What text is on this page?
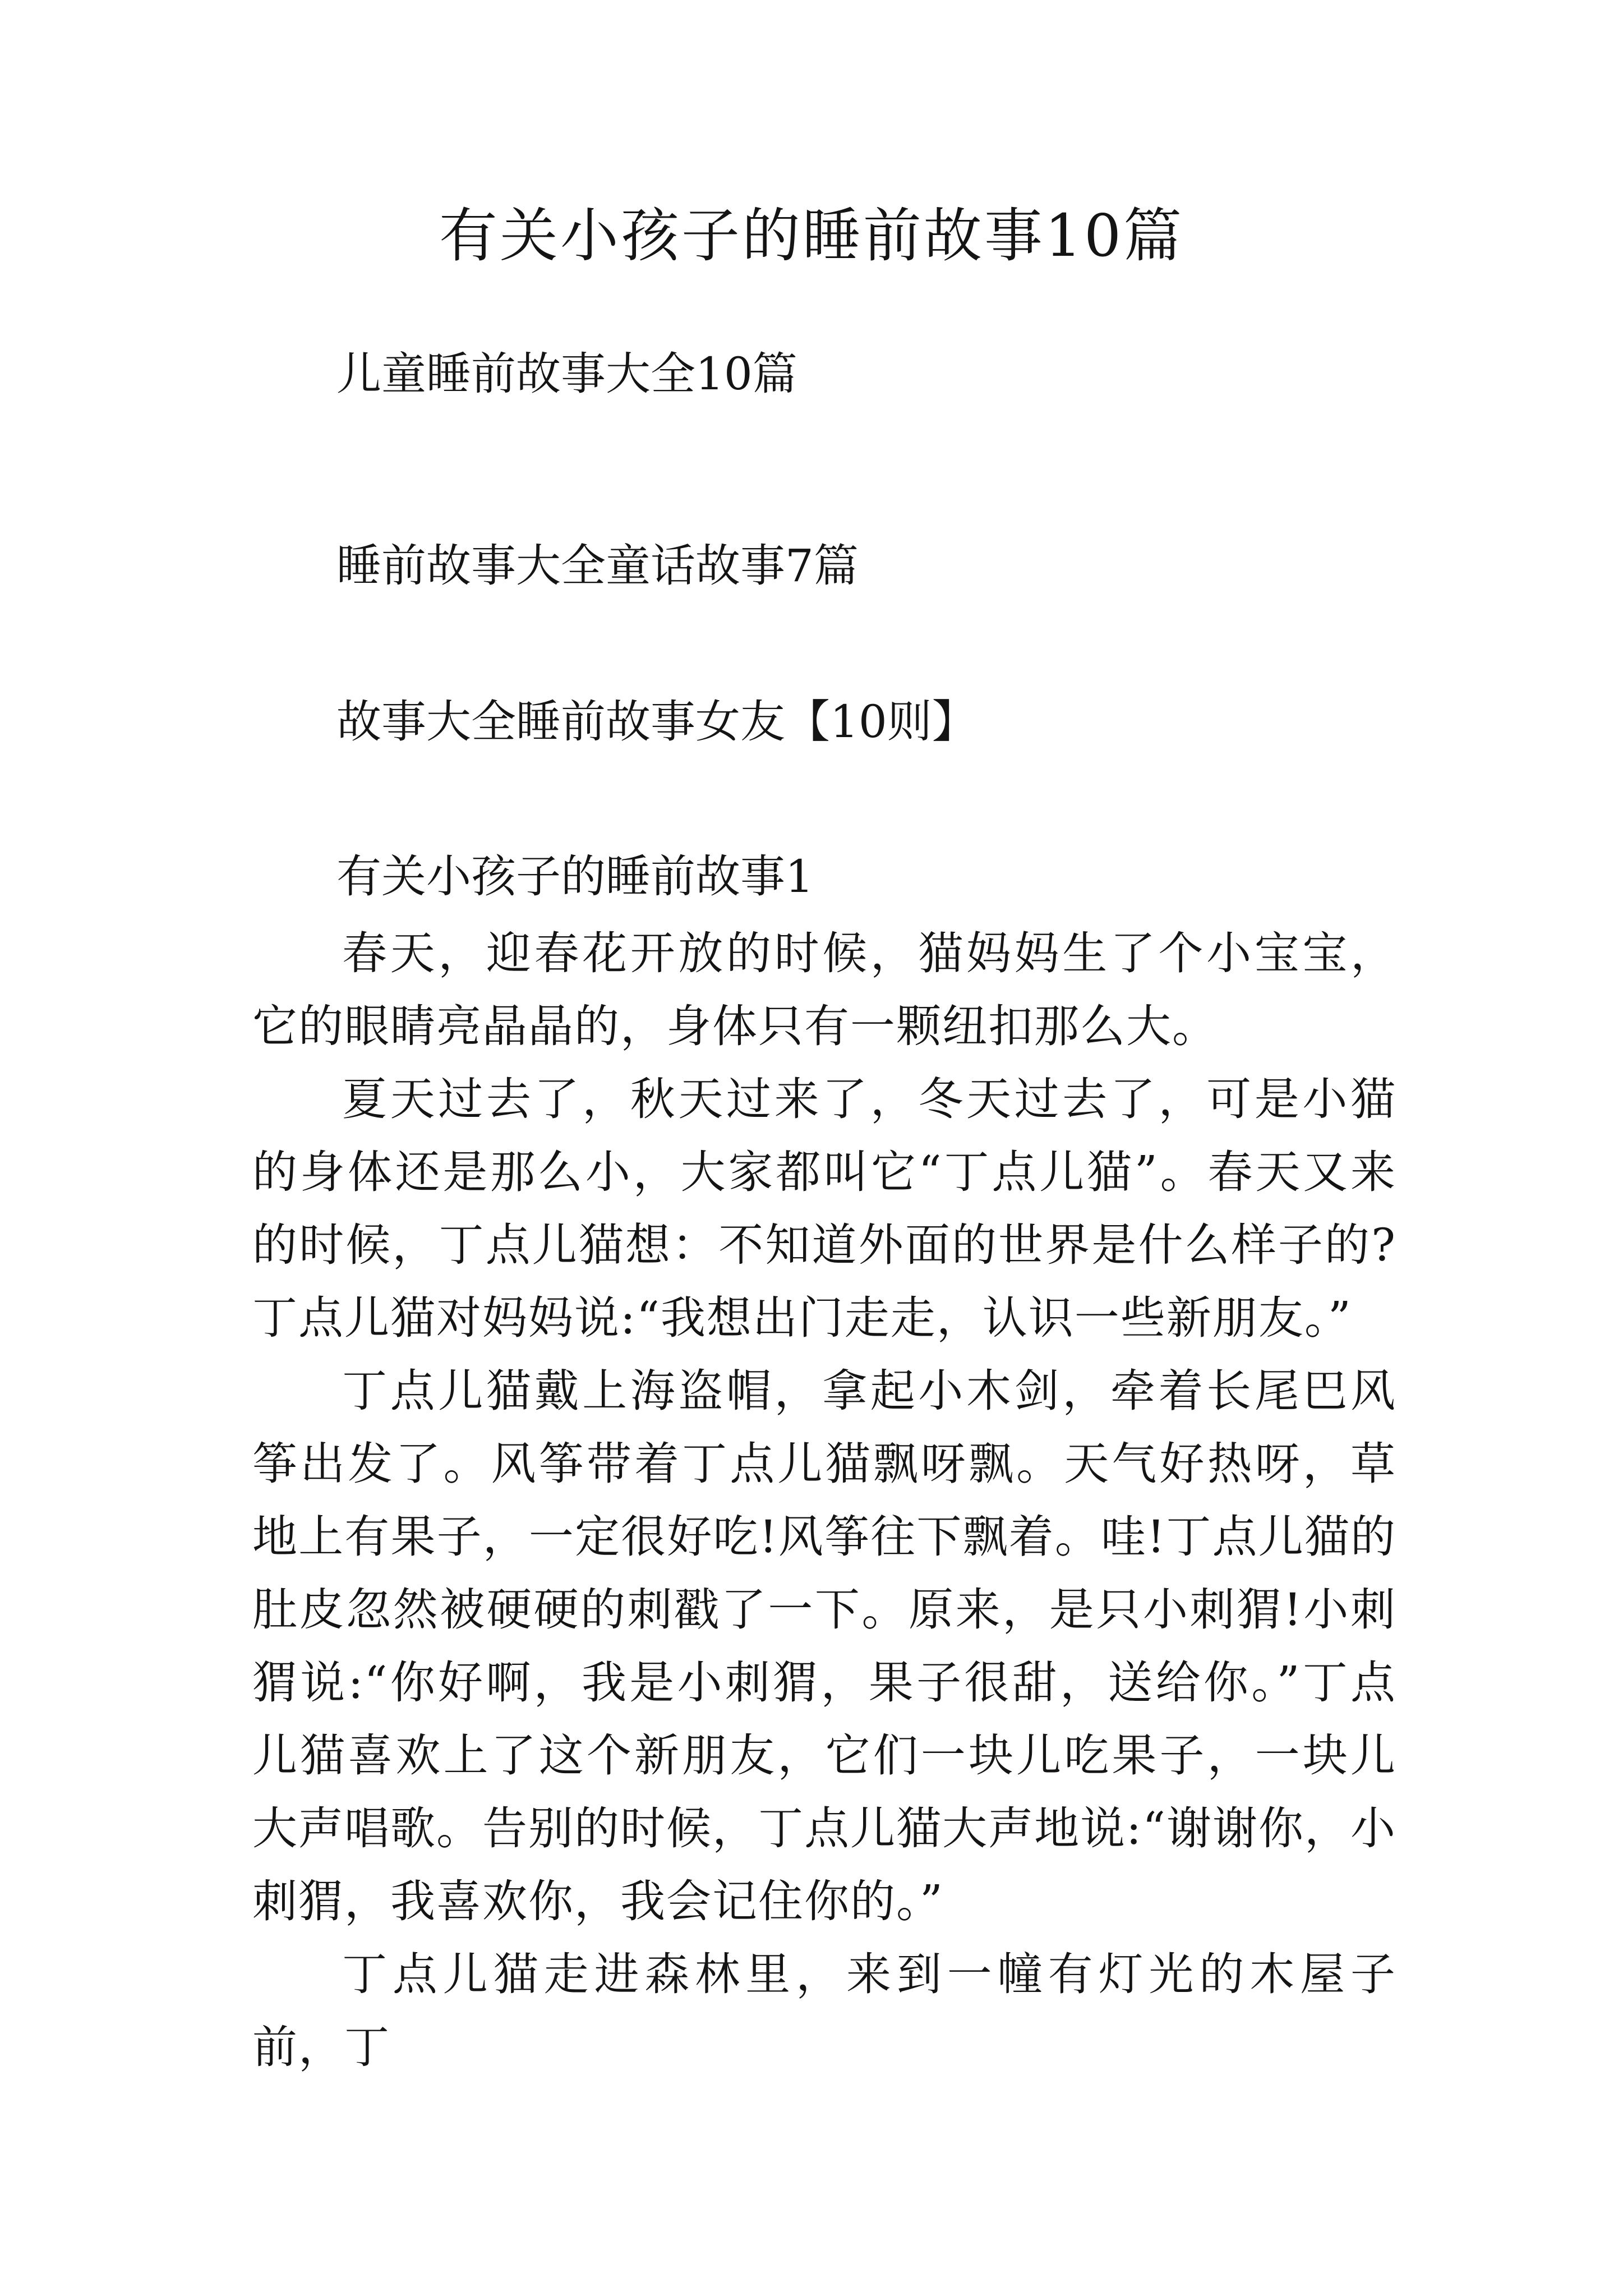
有关小孩子的睡前故事10篇
儿童睡前故事大全10篇
睡前故事大全童话故事7篇
故事大全睡前故事女友【10则】
有关小孩子的睡前故事1

春天，迎春花开放的时候，猫妈妈生了个小宝宝，它的眼睛亮晶晶的，身体只有一颗纽扣那么大。

夏天过去了，秋天过来了，冬天过去了，可是小猫的身体还是那么小，大家都叫它“丁点儿猫”。春天又来的时候，丁点儿猫想：不知道外面的世界是什么样子的?丁点儿猫对妈妈说:“我想出门走走，认识一些新朋友。”

丁点儿猫戴上海盗帽，拿起小木剑，牵着长尾巴风筝出发了。风筝带着丁点儿猫飘呀飘。天气好热呀，草地上有果子，一定很好吃!风筝往下飘着。哇!丁点儿猫的肚皮忽然被硬硬的刺戳了一下。原来，是只小刺猬!小刺猬说:“你好啊，我是小刺猬，果子很甜，送给你。”丁点儿猫喜欢上了这个新朋友，它们一块儿吃果子，一块儿大声唱歌。告别的时候，丁点儿猫大声地说:“谢谢你，小刺猬，我喜欢你，我会记住你的。”

丁点儿猫走进森林里，来到一幢有灯光的木屋子前，丁
